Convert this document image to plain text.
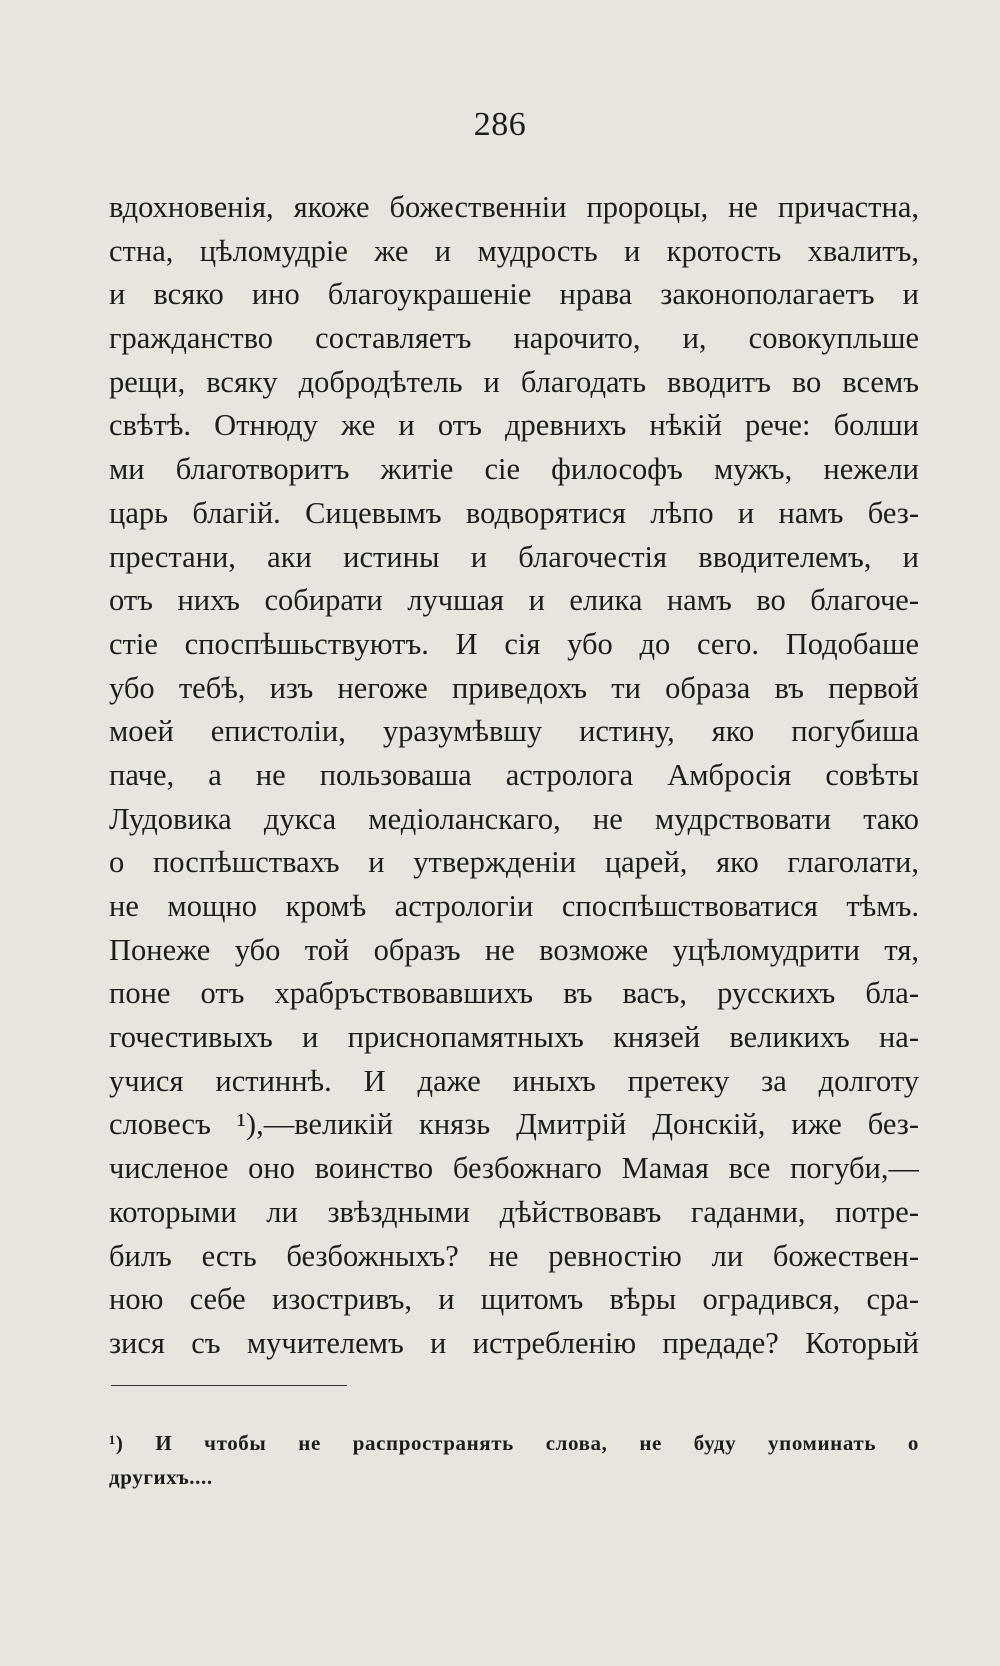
286
вдохновенія, якоже божественніи пророцы, не причастна,
стна, цѣломудріе же и мудрость и кротость хвалитъ,
и всяко ино благоукрашеніе нрава законополагаетъ и
гражданство составляетъ нарочито, и, совокупльше
рещи, всяку добродѣтель и благодать вводитъ во всемъ
свѣтѣ. Отнюду же и отъ древнихъ нѣкій рече: болши
ми благотворитъ житіе сіе философъ мужъ, нежели
царь благій. Сицевымъ водворятися лѣпо и намъ без-
престани, аки истины и благочестія вводителемъ, и
отъ нихъ собирати лучшая и елика намъ во благоче-
стіе споспѣшьствуютъ. И сія убо до сего. Подобаше
убо тебѣ, изъ негоже приведохъ ти образа въ первой
моей епистоліи, уразумѣвшу истину, яко погубиша
паче, а не пользоваша астролога Амбросія совѣты
Лудовика дукса медіоланскаго, не мудрствовати тако
о поспѣшствахъ и утвержденіи царей, яко глаголати,
не мощно кромѣ астрологіи споспѣшствоватися тѣмъ.
Понеже убо той образъ не возможе уцѣломудрити тя,
поне отъ храбръствовавшихъ въ васъ, русскихъ бла-
гочестивыхъ и приснопамятныхъ князей великихъ на-
учися истиннѣ. И даже иныхъ претеку за долготу
словесъ ¹),—великій князь Дмитрій Донскій, иже без-
численое оно воинство безбожнаго Мамая все погуби,—
которыми ли звѣздными дѣйствовавъ гаданми, потре-
билъ есть безбожныхъ? не ревностію ли божествен-
ною себе изостривъ, и щитомъ вѣры оградився, сра-
зися съ мучителемъ и истребленію предаде? Который
¹) И чтобы не распространять слова, не буду упоминать о
другихъ....
